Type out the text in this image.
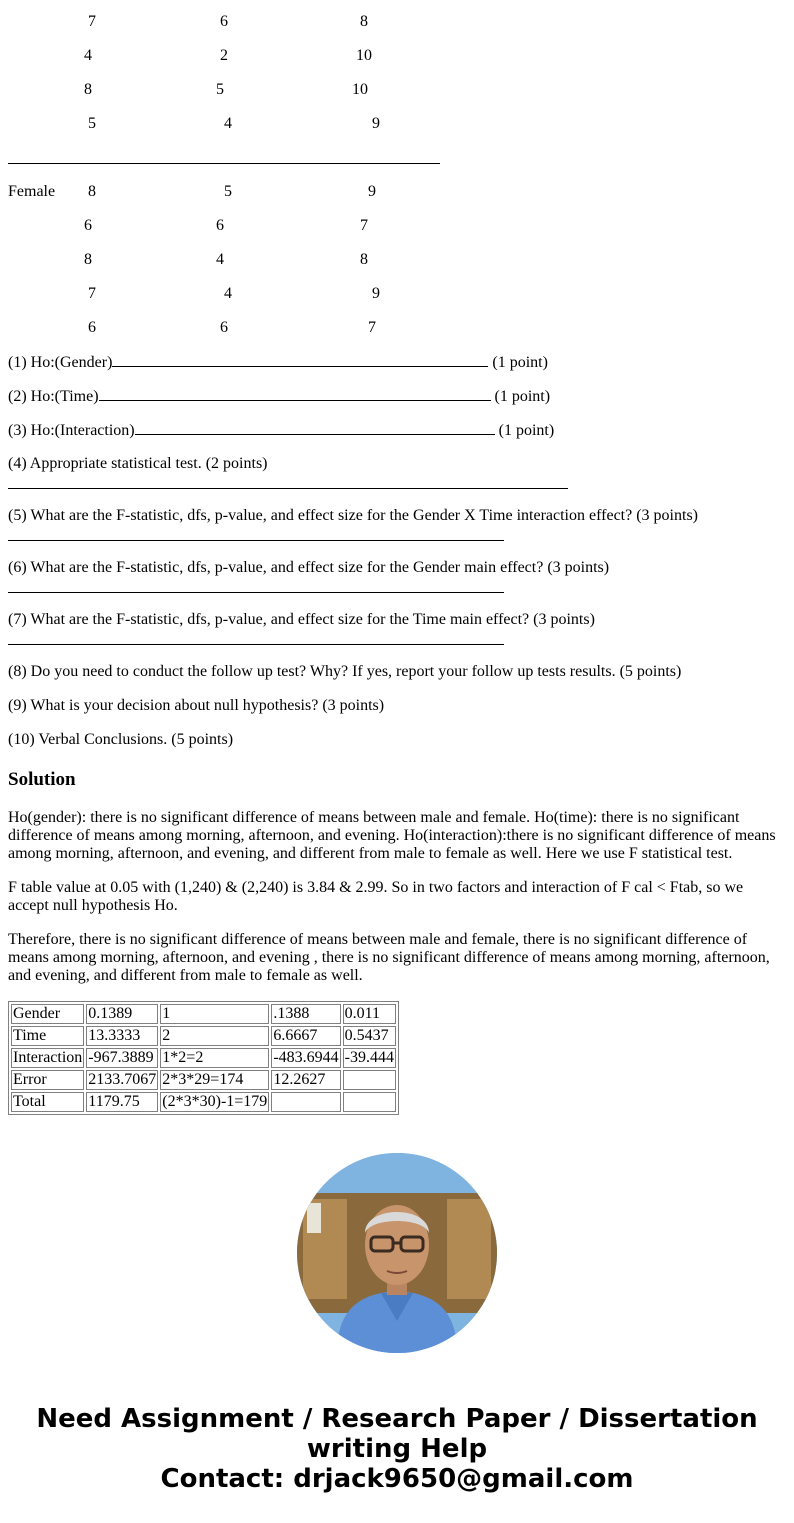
7	6	8
4	2	10
8	5	10
5	4	9
Female 8	5	9
6	6	7
8	4	8
7	4	9
6	6	7
(1) Ho:(Gender)	(1 point)
(2) Ho:(Time)	(1 point)
(3) Ho:(Interaction)	(1 point)
(4) Appropriate statistical test. (2 points)
(5) What are the F-statistic, dfs, p-value, and effect size for the Gender X Time interaction effect? (3 points)
(6) What are the F-statistic, dfs, p-value, and effect size for the Gender main effect? (3 points)
(7) What are the F-statistic, dfs, p-value, and effect size for the Time main effect? (3 points)
(8) Do you need to conduct the follow up test? Why? If yes, report your follow up tests results. (5 points)
(9) What is your decision about null hypothesis? (3 points)
(10) Verbal Conclusions. (5 points)
Solution

Ho(gender): there is no significant difference of means between male and female. Ho(time): there is no significant difference of means among morning, afternoon, and evening. Ho(interaction):there is no significant difference of means among morning, afternoon, and evening, and different from male to female as well. Here we use F statistical test.

F table value at 0.05 with (1,240) & (2,240) is 3.84 & 2.99. So in two factors and interaction of F cal < Ftab, so we accept null hypothesis Ho.

Therefore, there is no significant difference of means between male and female, there is no significant difference of means among morning, afternoon, and evening , there is no significant difference of means among morning, afternoon, and evening, and different from male to female as well.

Gender	0.1389	1	.1388	0.011
Time	13.3333	2	6.6667	0.5437
Interaction	-967.3889	1*2=2	-483.6944	-39.444
Error	2133.7067	2*3*29=174	12.2627	
Total	1179.75	(2*3*30)-1=179		
Need Assignment / Research Paper / Dissertation
writing Help
Contact: drjack9650@gmail.com
